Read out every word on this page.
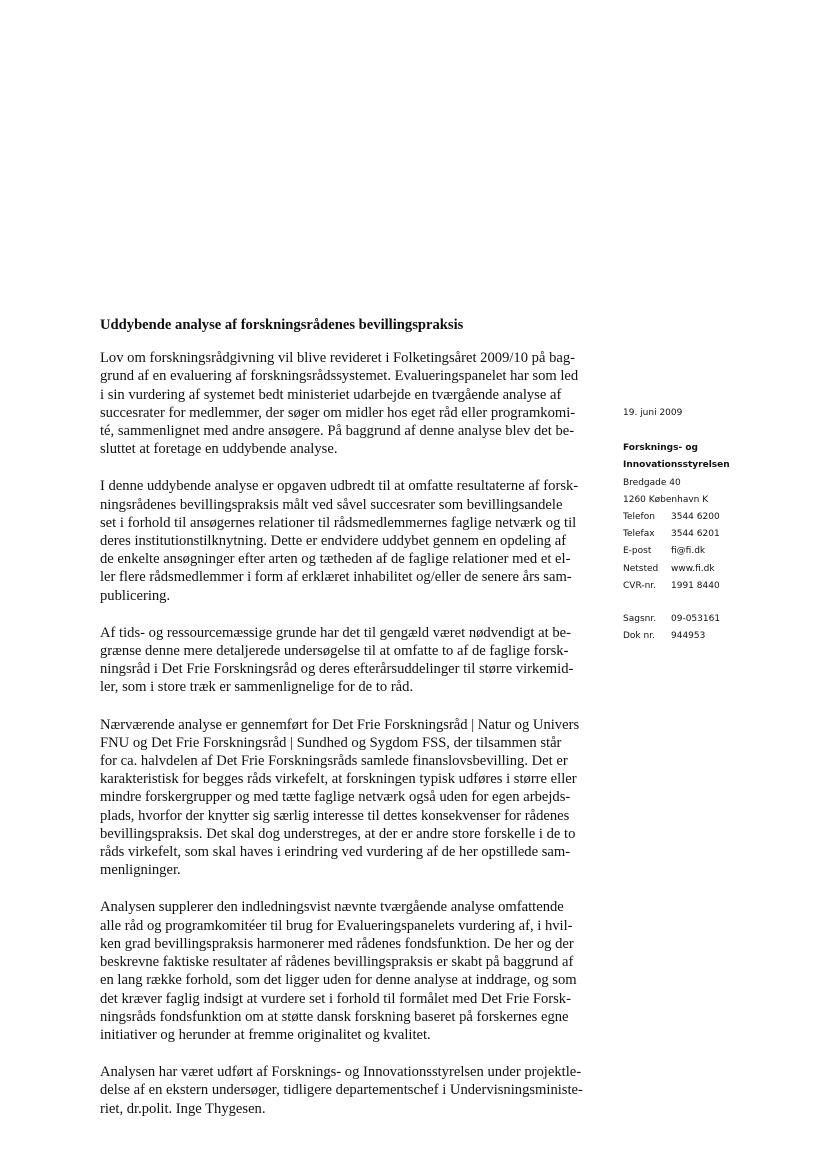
Uddybende analyse af forskningsrådenes bevillingspraksis
Lov om forskningsrådgivning vil blive revideret i Folketingsåret 2009/10 på bag-
grund af en evaluering af forskningsrådssystemet. Evalueringspanelet har som led
i sin vurdering af systemet bedt ministeriet udarbejde en tværgående analyse af
succesrater for medlemmer, der søger om midler hos eget råd eller programkomi-
té, sammenlignet med andre ansøgere. På baggrund af denne analyse blev det be-
sluttet at foretage en uddybende analyse.
I denne uddybende analyse er opgaven udbredt til at omfatte resultaterne af forsk-
ningsrådenes bevillingspraksis målt ved såvel succesrater som bevillingsandele
set i forhold til ansøgernes relationer til rådsmedlemmernes faglige netværk og til
deres institutionstilknytning. Dette er endvidere uddybet gennem en opdeling af
de enkelte ansøgninger efter arten og tætheden af de faglige relationer med et el-
ler flere rådsmedlemmer i form af erklæret inhabilitet og/eller de senere års sam-
publicering.
Af tids- og ressourcemæssige grunde har det til gengæld været nødvendigt at be-
grænse denne mere detaljerede undersøgelse til at omfatte to af de faglige forsk-
ningsråd i Det Frie Forskningsråd og deres efterårsuddelinger til større virkemid-
ler, som i store træk er sammenlignelige for de to råd.
Nærværende analyse er gennemført for Det Frie Forskningsråd | Natur og Univers
FNU og Det Frie Forskningsråd | Sundhed og Sygdom FSS, der tilsammen står
for ca. halvdelen af Det Frie Forskningsråds samlede finanslovsbevilling. Det er
karakteristisk for begges råds virkefelt, at forskningen typisk udføres i større eller
mindre forskergrupper og med tætte faglige netværk også uden for egen arbejds-
plads, hvorfor der knytter sig særlig interesse til dettes konsekvenser for rådenes
bevillingspraksis. Det skal dog understreges, at der er andre store forskelle i de to
råds virkefelt, som skal haves i erindring ved vurdering af de her opstillede sam-
menligninger.
Analysen supplerer den indledningsvist nævnte tværgående analyse omfattende
alle råd og programkomitéer til brug for Evalueringspanelets vurdering af, i hvil-
ken grad bevillingspraksis harmonerer med rådenes fondsfunktion. De her og der
beskrevne faktiske resultater af rådenes bevillingspraksis er skabt på baggrund af
en lang række forhold, som det ligger uden for denne analyse at inddrage, og som
det kræver faglig indsigt at vurdere set i forhold til formålet med Det Frie Forsk-
ningsråds fondsfunktion om at støtte dansk forskning baseret på forskernes egne
initiativer og herunder at fremme originalitet og kvalitet.
Analysen har været udført af Forsknings- og Innovationsstyrelsen under projektle-
delse af en ekstern undersøger, tidligere departementschef i Undervisningsministe-
riet, dr.polit. Inge Thygesen.
19. juni 2009
Forsknings- og
Innovationsstyrelsen
Bredgade 40
1260 København K
Telefon	3544 6200
Telefax	3544 6201
E-post	fi@fi.dk
Netsted	www.fi.dk
CVR-nr.	1991 8440
Sagsnr.	09-053161
Dok nr.	944953
